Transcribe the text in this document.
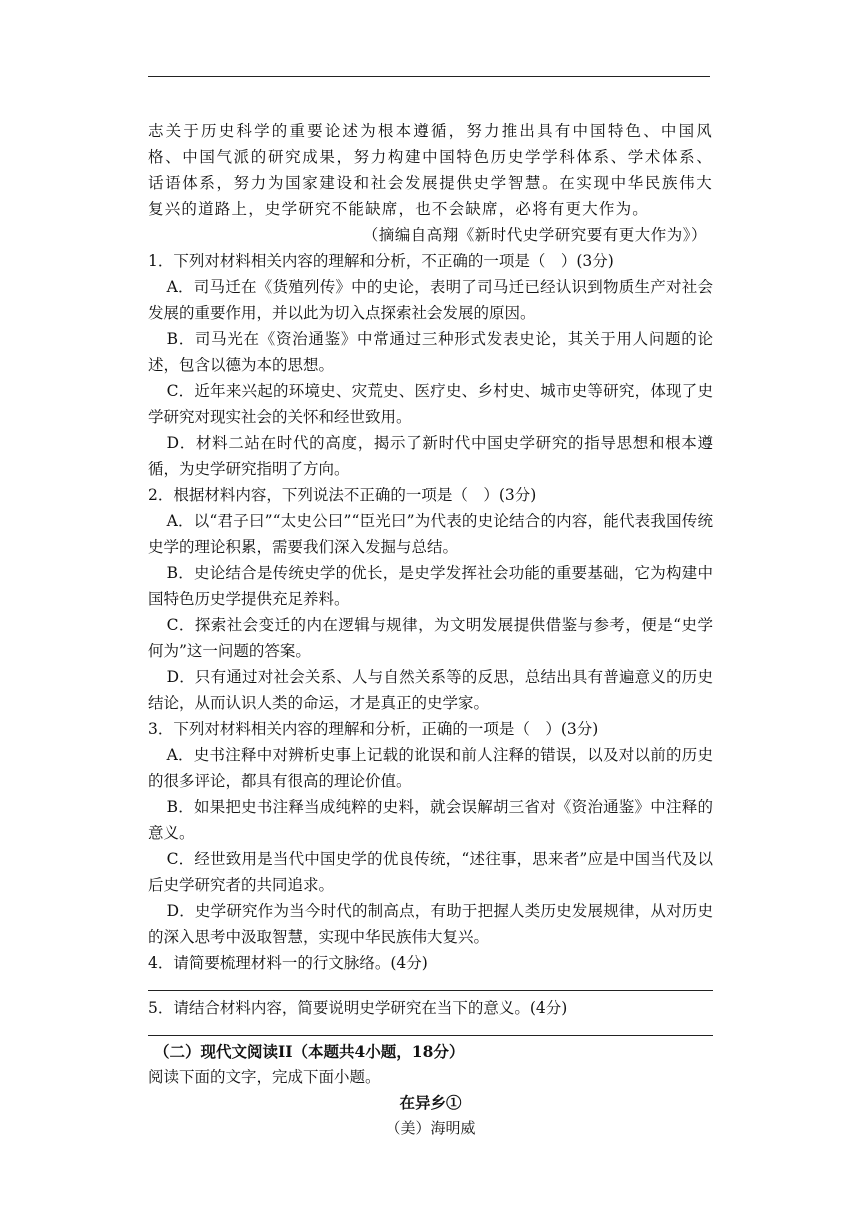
志关于历史科学的重要论述为根本遵循，努力推出具有中国特色、中国风格、中国气派的研究成果，努力构建中国特色历史学学科体系、学术体系、话语体系，努力为国家建设和社会发展提供史学智慧。在实现中华民族伟大复兴的道路上，史学研究不能缺席，也不会缺席，必将有更大作为。

（摘编自高翔《新时代史学研究要有更大作为》）

1．下列对材料相关内容的理解和分析，不正确的一项是（　）(3分)

A．司马迁在《货殖列传》中的史论，表明了司马迁已经认识到物质生产对社会发展的重要作用，并以此为切入点探索社会发展的原因。

B．司马光在《资治通鉴》中常通过三种形式发表史论，其关于用人问题的论述，包含以德为本的思想。

C．近年来兴起的环境史、灾荒史、医疗史、乡村史、城市史等研究，体现了史学研究对现实社会的关怀和经世致用。

D．材料二站在时代的高度，揭示了新时代中国史学研究的指导思想和根本遵循，为史学研究指明了方向。

2．根据材料内容，下列说法不正确的一项是（　）(3分)

A．以“君子曰”“太史公曰”“臣光曰”为代表的史论结合的内容，能代表我国传统史学的理论积累，需要我们深入发掘与总结。

B．史论结合是传统史学的优长，是史学发挥社会功能的重要基础，它为构建中国特色历史学提供充足养料。

C．探索社会变迁的内在逻辑与规律，为文明发展提供借鉴与参考，便是“史学何为”这一问题的答案。

D．只有通过对社会关系、人与自然关系等的反思，总结出具有普遍意义的历史结论，从而认识人类的命运，才是真正的史学家。

3．下列对材料相关内容的理解和分析，正确的一项是（　）(3分)

A．史书注释中对辨析史事上记载的讹误和前人注释的错误，以及对以前的历史的很多评论，都具有很高的理论价值。

B．如果把史书注释当成纯粹的史料，就会误解胡三省对《资治通鉴》中注释的意义。

C．经世致用是当代中国史学的优良传统，“述往事，思来者”应是中国当代及以后史学研究者的共同追求。

D．史学研究作为当今时代的制高点，有助于把握人类历史发展规律，从对历史的深入思考中汲取智慧，实现中华民族伟大复兴。

4．请简要梳理材料一的行文脉络。(4分)

5．请结合材料内容，简要说明史学研究在当下的意义。(4分)

（二）现代文阅读II（本题共4小题，18分）

阅读下面的文字，完成下面小题。

在异乡①

（美）海明威
